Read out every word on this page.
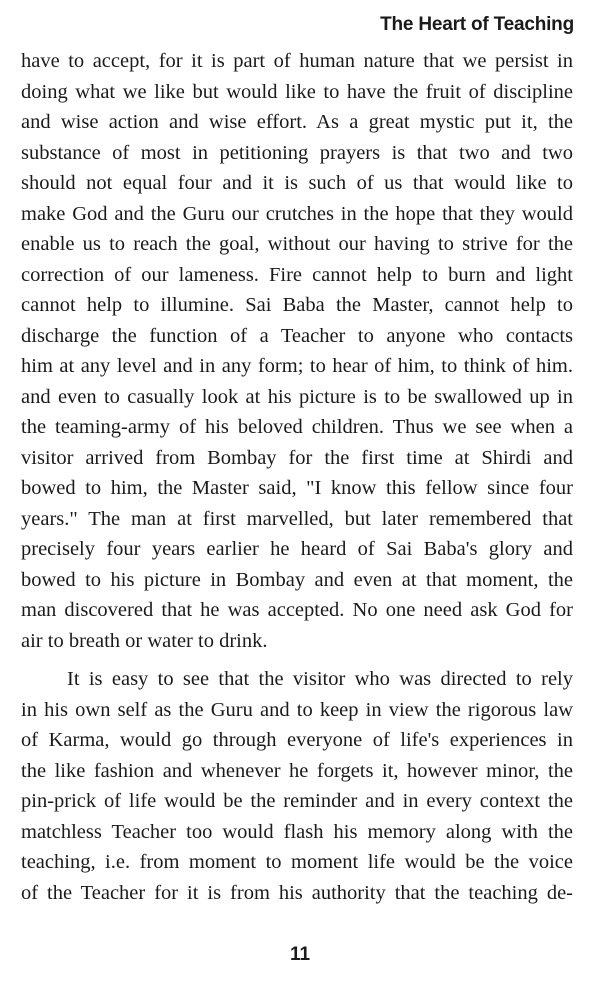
The Heart of Teaching

have to accept, for it is part of human nature that we persist in
doing what we like but would like to have the fruit of discipline
and wise action and wise effort. As a great mystic put it, the
substance of most in petitioning prayers is that two and two
should not equal four and it is such of us that would like to
make God and the Guru our crutches in the hope that they would
enable us to reach the goal, without our having to strive for the
correction of our lameness. Fire cannot help to burn and light
cannot help to illumine. Sai Baba the Master, cannot help to
discharge the function of a Teacher to anyone who contacts
him at any level and in any form; to hear of him, to think of him.
and even to casually look at his picture is to be swallowed up in
the teaming-army of his beloved children. Thus we see when a
visitor arrived from Bombay for the first time at Shirdi and
bowed to him, the Master said, "I know this fellow since four
years." The man at first marvelled, but later remembered that
precisely four years earlier he heard of Sai Baba's glory and
bowed to his picture in Bombay and even at that moment, the
man discovered that he was accepted. No one need ask God for
air to breath or water to drink.

It is easy to see that the visitor who was directed to rely
in his own self as the Guru and to keep in view the rigorous law
of Karma, would go through everyone of life's experiences in
the like fashion and whenever he forgets it, however minor, the
pin-prick of life would be the reminder and in every context the
matchless Teacher too would flash his memory along with the
teaching, i.e. from moment to moment life would be the voice
of the Teacher for it is from his authority that the teaching de-

11
